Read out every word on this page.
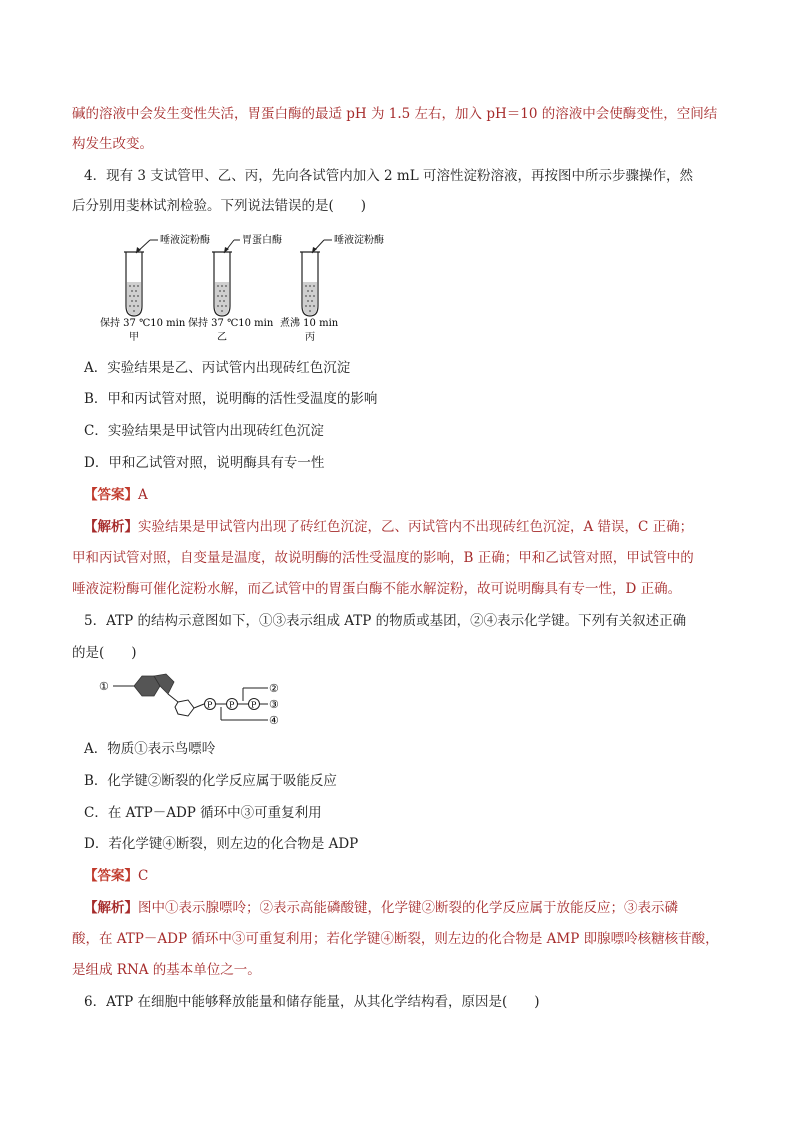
碱的溶液中会发生变性失活，胃蛋白酶的最适 pH 为 1.5 左右，加入 pH＝10 的溶液中会使酶变性，空间结
构发生改变。
4．现有 3 支试管甲、乙、丙，先向各试管内加入 2 mL 可溶性淀粉溶液，再按图中所示步骤操作，然
后分别用斐林试剂检验。下列说法错误的是(　　)
唾液淀粉酶	胃蛋白酶	唾液淀粉酶
保持 37 ℃10 min 保持 37 ℃10 min 煮沸 10 min
甲	乙	丙
A．实验结果是乙、丙试管内出现砖红色沉淀
B．甲和丙试管对照，说明酶的活性受温度的影响
C．实验结果是甲试管内出现砖红色沉淀
D．甲和乙试管对照，说明酶具有专一性
【答案】A
【解析】实验结果是甲试管内出现了砖红色沉淀，乙、丙试管内不出现砖红色沉淀，A 错误，C 正确；
甲和丙试管对照，自变量是温度，故说明酶的活性受温度的影响，B 正确；甲和乙试管对照，甲试管中的
唾液淀粉酶可催化淀粉水解，而乙试管中的胃蛋白酶不能水解淀粉，故可说明酶具有专一性，D 正确。
5．ATP 的结构示意图如下，①③表示组成 ATP 的物质或基团，②④表示化学键。下列有关叙述正确
的是(　　)
①
P P P
②
③
④
A．物质①表示鸟嘌呤
B．化学键②断裂的化学反应属于吸能反应
C．在 ATP－ADP 循环中③可重复利用
D．若化学键④断裂，则左边的化合物是 ADP
【答案】C
【解析】图中①表示腺嘌呤；②表示高能磷酸键，化学键②断裂的化学反应属于放能反应；③表示磷
酸，在 ATP－ADP 循环中③可重复利用；若化学键④断裂，则左边的化合物是 AMP 即腺嘌呤核糖核苷酸，
是组成 RNA 的基本单位之一。
6．ATP 在细胞中能够释放能量和储存能量，从其化学结构看，原因是(　　)
